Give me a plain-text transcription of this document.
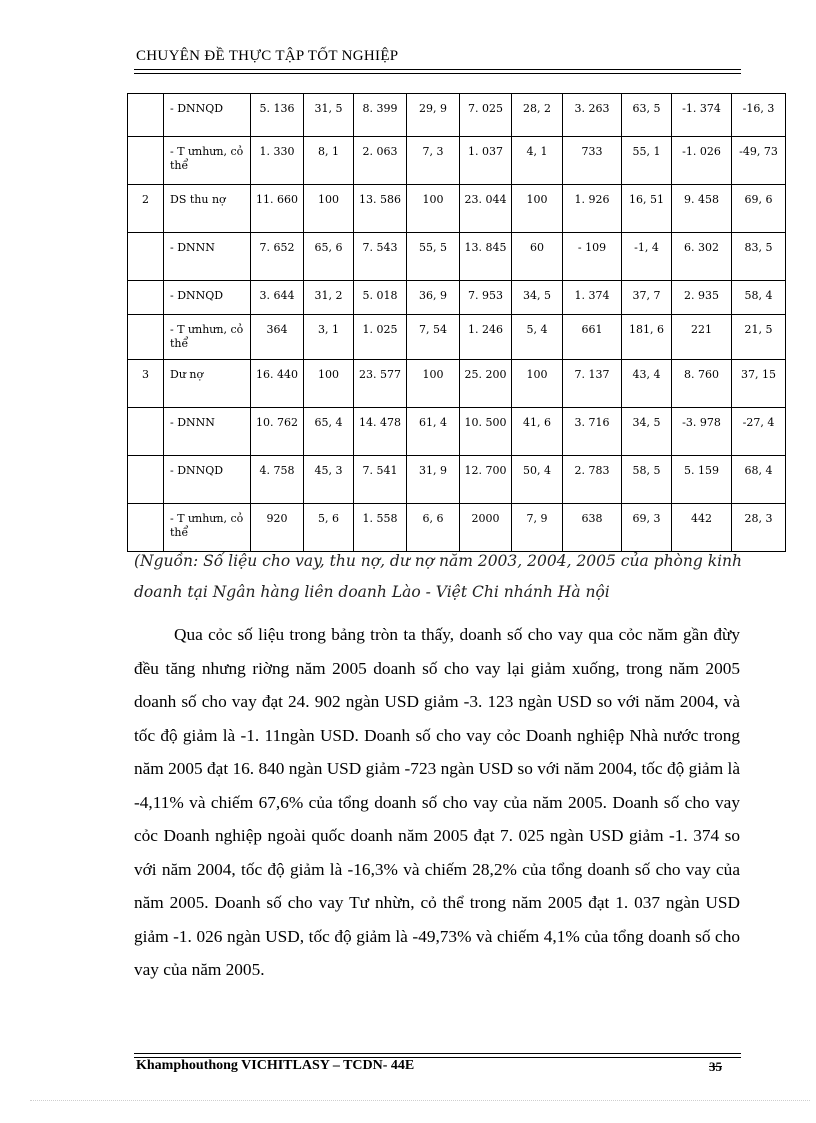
CHUYÊN ĐỀ THỰC TẬP TỐT NGHIỆP
	- DNNQD	5. 136	31, 5	8. 399	29, 9	7. 025	28, 2	3. 263	63, 5	-1. 374	-16, 3
	- T ưnhưn, cỏ thể	1. 330	8, 1	2. 063	7, 3	1. 037	4, 1	733	55, 1	-1. 026	-49, 73
2	DS thu nợ	11. 660	100	13. 586	100	23. 044	100	1. 926	16, 51	9. 458	69, 6
	- DNNN	7. 652	65, 6	7. 543	55, 5	13. 845	60	- 109	-1, 4	6. 302	83, 5
	- DNNQD	3. 644	31, 2	5. 018	36, 9	7. 953	34, 5	1. 374	37, 7	2. 935	58, 4
	- T ưnhưn, cỏ thể	364	3, 1	1. 025	7, 54	1. 246	5, 4	661	181, 6	221	21, 5
3	Dư nợ	16. 440	100	23. 577	100	25. 200	100	7. 137	43, 4	8. 760	37, 15
	- DNNN	10. 762	65, 4	14. 478	61, 4	10. 500	41, 6	3. 716	34, 5	-3. 978	-27, 4
	- DNNQD	4. 758	45, 3	7. 541	31, 9	12. 700	50, 4	2. 783	58, 5	5. 159	68, 4
	- T ưnhưn, cỏ thể	920	5, 6	1. 558	6, 6	2000	7, 9	638	69, 3	442	28, 3
(Nguồn: Số liệu cho vay, thu nợ, dư nợ năm 2003, 2004, 2005 của phòng kinh doanh tại Ngân hàng liên doanh Lào - Việt Chi nhánh Hà nội

Qua cỏc số liệu trong bảng tròn ta thấy, doanh số cho vay qua cỏc năm gần đừy đều tăng nhưng riờng năm 2005 doanh số cho vay lại giảm xuống, trong năm 2005 doanh số cho vay đạt 24. 902 ngàn USD giảm -3. 123 ngàn USD so với năm 2004, và tốc độ giảm là -1. 11ngàn USD. Doanh số cho vay cỏc Doanh nghiệp Nhà nước trong năm 2005 đạt 16. 840 ngàn USD giảm -723 ngàn USD so với năm 2004, tốc độ giảm là -4,11% và chiếm 67,6% của tổng doanh số cho vay của năm 2005. Doanh số cho vay cỏc Doanh nghiệp ngoài quốc doanh năm 2005 đạt 7. 025 ngàn USD giảm -1. 374 so với năm 2004, tốc độ giảm là -16,3% và chiếm 28,2% của tổng doanh số cho vay của năm 2005. Doanh số cho vay Tư nhừn, cỏ thể trong năm 2005 đạt 1. 037 ngàn USD giảm -1. 026 ngàn USD, tốc độ giảm là -49,73% và chiếm 4,1% của tổng doanh số cho vay của năm 2005.

Khamphouthong VICHITLASY – TCDN- 44E	35
